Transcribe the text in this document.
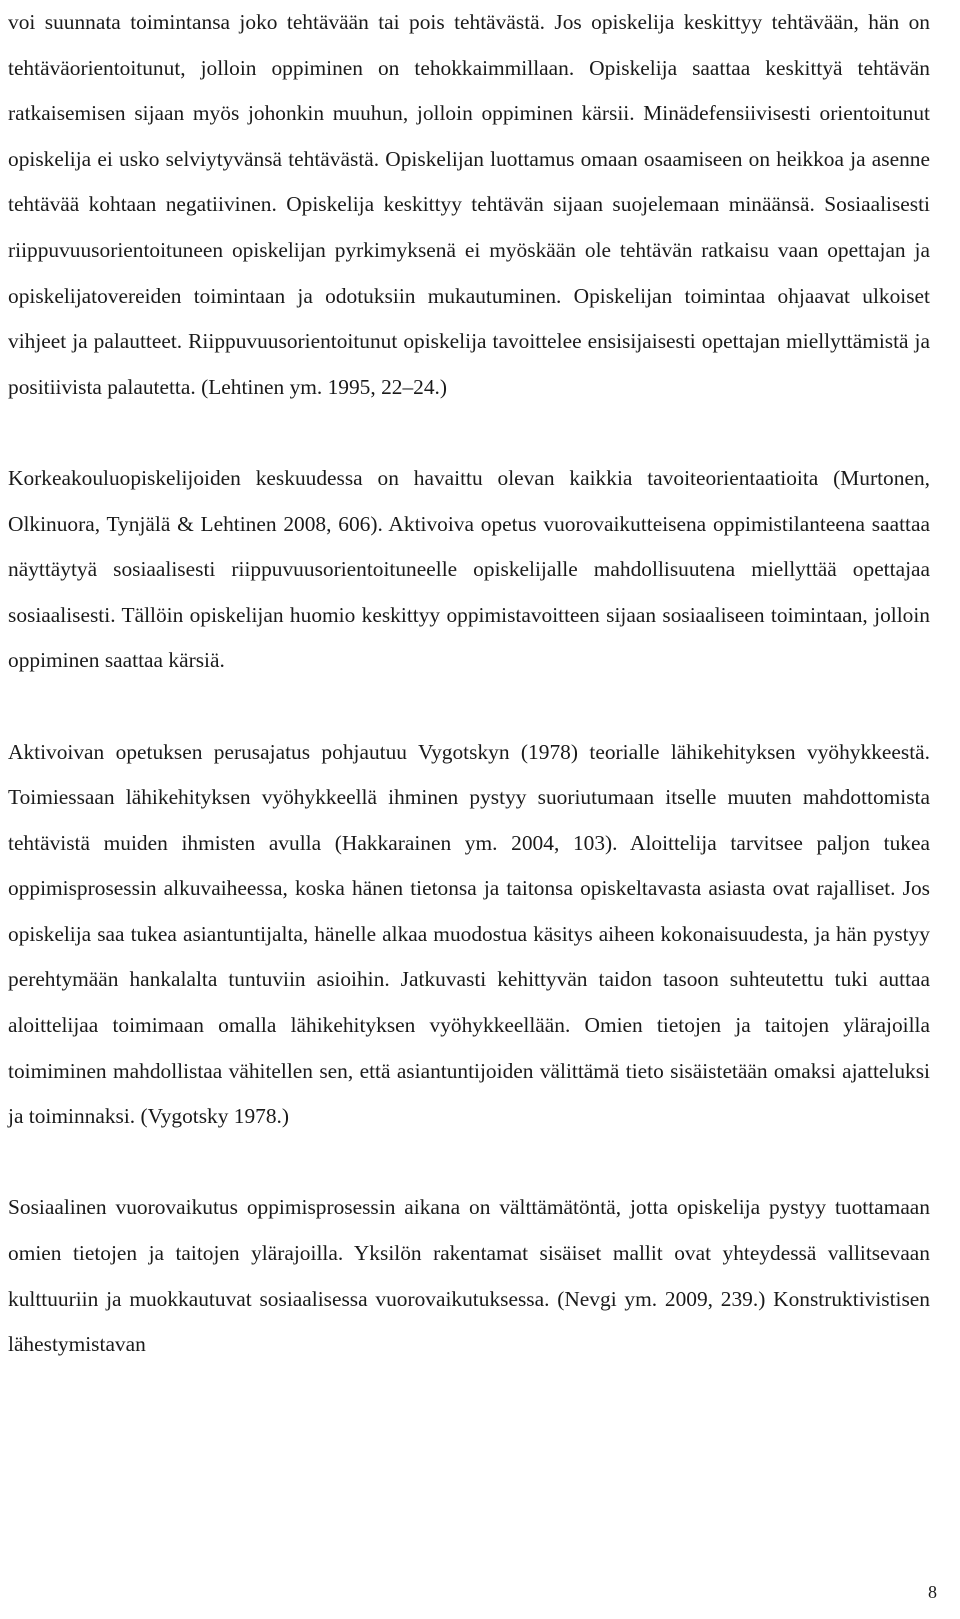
voi suunnata toimintansa joko tehtävään tai pois tehtävästä. Jos opiskelija keskittyy tehtävään, hän on tehtäväorientoitunut, jolloin oppiminen on tehokkaimmillaan. Opiskelija saattaa keskittyä tehtävän ratkaisemisen sijaan myös johonkin muuhun, jolloin oppiminen kärsii. Minädefensiivisesti orientoitunut opiskelija ei usko selviytyvänsä tehtävästä. Opiskelijan luottamus omaan osaamiseen on heikkoa ja asenne tehtävää kohtaan negatiivinen. Opiskelija keskittyy tehtävän sijaan suojelemaan minäänsä. Sosiaalisesti riippuvuusorientoituneen opiskelijan pyrkimyksenä ei myöskään ole tehtävän ratkaisu vaan opettajan ja opiskelijatovereiden toimintaan ja odotuksiin mukautuminen. Opiskelijan toimintaa ohjaavat ulkoiset vihjeet ja palautteet. Riippuvuusorientoitunut opiskelija tavoittelee ensisijaisesti opettajan miellyttämistä ja positiivista palautetta. (Lehtinen ym. 1995, 22–24.)

Korkeakouluopiskelijoiden keskuudessa on havaittu olevan kaikkia tavoiteorientaatioita (Murtonen, Olkinuora, Tynjälä & Lehtinen 2008, 606). Aktivoiva opetus vuorovaikutteisena oppimistilanteena saattaa näyttäytyä sosiaalisesti riippuvuusorientoituneelle opiskelijalle mahdollisuutena miellyttää opettajaa sosiaalisesti. Tällöin opiskelijan huomio keskittyy oppimistavoitteen sijaan sosiaaliseen toimintaan, jolloin oppiminen saattaa kärsiä.

Aktivoivan opetuksen perusajatus pohjautuu Vygotskyn (1978) teorialle lähikehityksen vyöhykkeestä. Toimiessaan lähikehityksen vyöhykkeellä ihminen pystyy suoriutumaan itselle muuten mahdottomista tehtävistä muiden ihmisten avulla (Hakkarainen ym. 2004, 103). Aloittelija tarvitsee paljon tukea oppimisprosessin alkuvaiheessa, koska hänen tietonsa ja taitonsa opiskeltavasta asiasta ovat rajalliset. Jos opiskelija saa tukea asiantuntijalta, hänelle alkaa muodostua käsitys aiheen kokonaisuudesta, ja hän pystyy perehtymään hankalalta tuntuviin asioihin. Jatkuvasti kehittyvän taidon tasoon suhteutettu tuki auttaa aloittelijaa toimimaan omalla lähikehityksen vyöhykkeellään. Omien tietojen ja taitojen ylärajoilla toimiminen mahdollistaa vähitellen sen, että asiantuntijoiden välittämä tieto sisäistetään omaksi ajatteluksi ja toiminnaksi. (Vygotsky 1978.)

Sosiaalinen vuorovaikutus oppimisprosessin aikana on välttämätöntä, jotta opiskelija pystyy tuottamaan omien tietojen ja taitojen ylärajoilla. Yksilön rakentamat sisäiset mallit ovat yhteydessä vallitsevaan kulttuuriin ja muokkautuvat sosiaalisessa vuorovaikutuksessa. (Nevgi ym. 2009, 239.) Konstruktivistisen lähestymistavan

8
